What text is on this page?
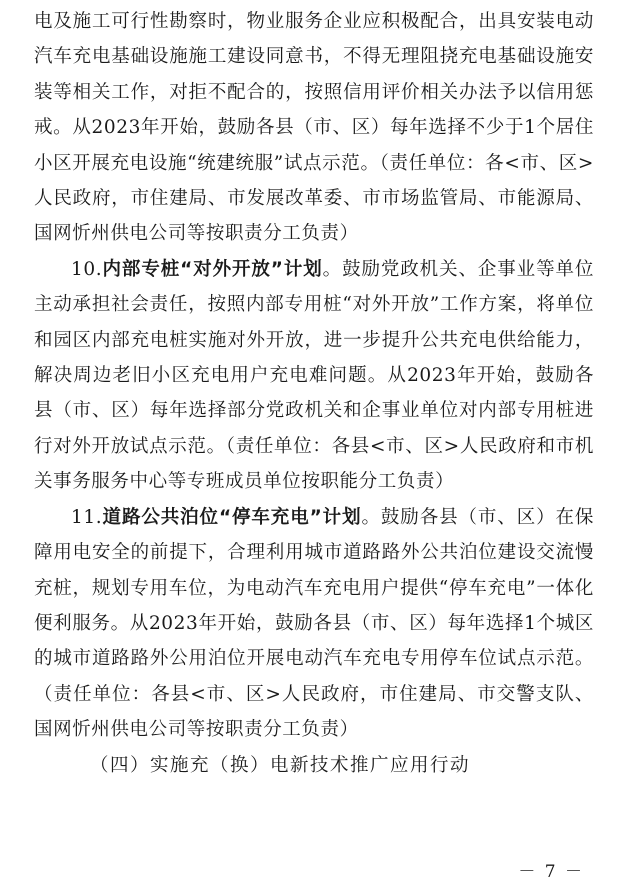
电及施工可行性勘察时，物业服务企业应积极配合，出具安装电动汽车充电基础设施施工建设同意书，不得无理阻挠充电基础设施安装等相关工作，对拒不配合的，按照信用评价相关办法予以信用惩戒。从2023年开始，鼓励各县（市、区）每年选择不少于1个居住小区开展充电设施“统建统服”试点示范。（责任单位：各<市、区>人民政府，市住建局、市发展改革委、市市场监管局、市能源局、国网忻州供电公司等按职责分工负责）

10.内部专桩“对外开放”计划。鼓励党政机关、企事业等单位主动承担社会责任，按照内部专用桩“对外开放”工作方案，将单位和园区内部充电桩实施对外开放，进一步提升公共充电供给能力，解决周边老旧小区充电用户充电难问题。从2023年开始，鼓励各县（市、区）每年选择部分党政机关和企事业单位对内部专用桩进行对外开放试点示范。（责任单位：各县<市、区>人民政府和市机关事务服务中心等专班成员单位按职能分工负责）

11.道路公共泊位“停车充电”计划。鼓励各县（市、区）在保障用电安全的前提下，合理利用城市道路路外公共泊位建设交流慢充桩，规划专用车位，为电动汽车充电用户提供“停车充电”一体化便利服务。从2023年开始，鼓励各县（市、区）每年选择1个城区的城市道路路外公用泊位开展电动汽车充电专用停车位试点示范。（责任单位：各县<市、区>人民政府，市住建局、市交警支队、国网忻州供电公司等按职责分工负责）

（四）实施充（换）电新技术推广应用行动

－ 7 －
